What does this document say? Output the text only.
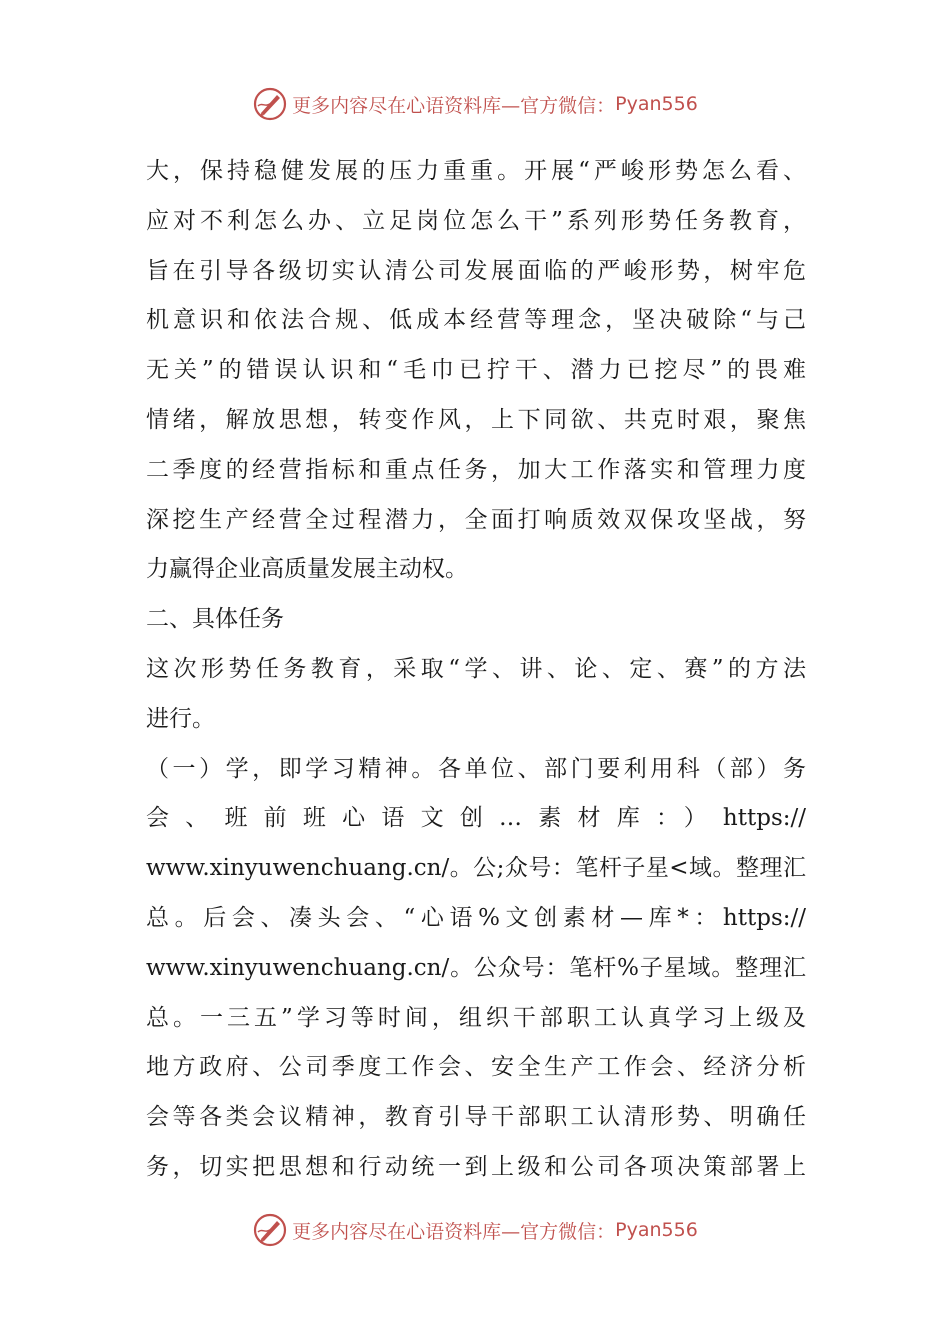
更多内容尽在心语资料库—官方微信： Pyan556
大，保持稳健发展的压力重重。开展“严峻形势怎么看、
应对不利怎么办、立足岗位怎么干”系列形势任务教育，
旨在引导各级切实认清公司发展面临的严峻形势，树牢危
机意识和依法合规、低成本经营等理念，坚决破除“与己
无关”的错误认识和“毛巾已拧干、潜力已挖尽”的畏难
情绪，解放思想，转变作风，上下同欲、共克时艰，聚焦
二季度的经营指标和重点任务，加大工作落实和管理力度
深挖生产经营全过程潜力，全面打响质效双保攻坚战，努
力赢得企业高质量发展主动权。
二、具体任务
这次形势任务教育，采取“学、讲、论、定、赛”的方法
进行。
（一）学，即学习精神。各单位、部门要利用科（部）务
会、班前班心语文创…素材库：）https://
www.xinyuwenchuang.cn/。公;众号：笔杆子星<域。整理汇
总。后会、凑头会、“心语%文创素材—库*：https://
www.xinyuwenchuang.cn/。公众号：笔杆%子星域。整理汇
总。一三五”学习等时间，组织干部职工认真学习上级及
地方政府、公司季度工作会、安全生产工作会、经济分析
会等各类会议精神，教育引导干部职工认清形势、明确任
务，切实把思想和行动统一到上级和公司各项决策部署上
更多内容尽在心语资料库—官方微信： Pyan556
